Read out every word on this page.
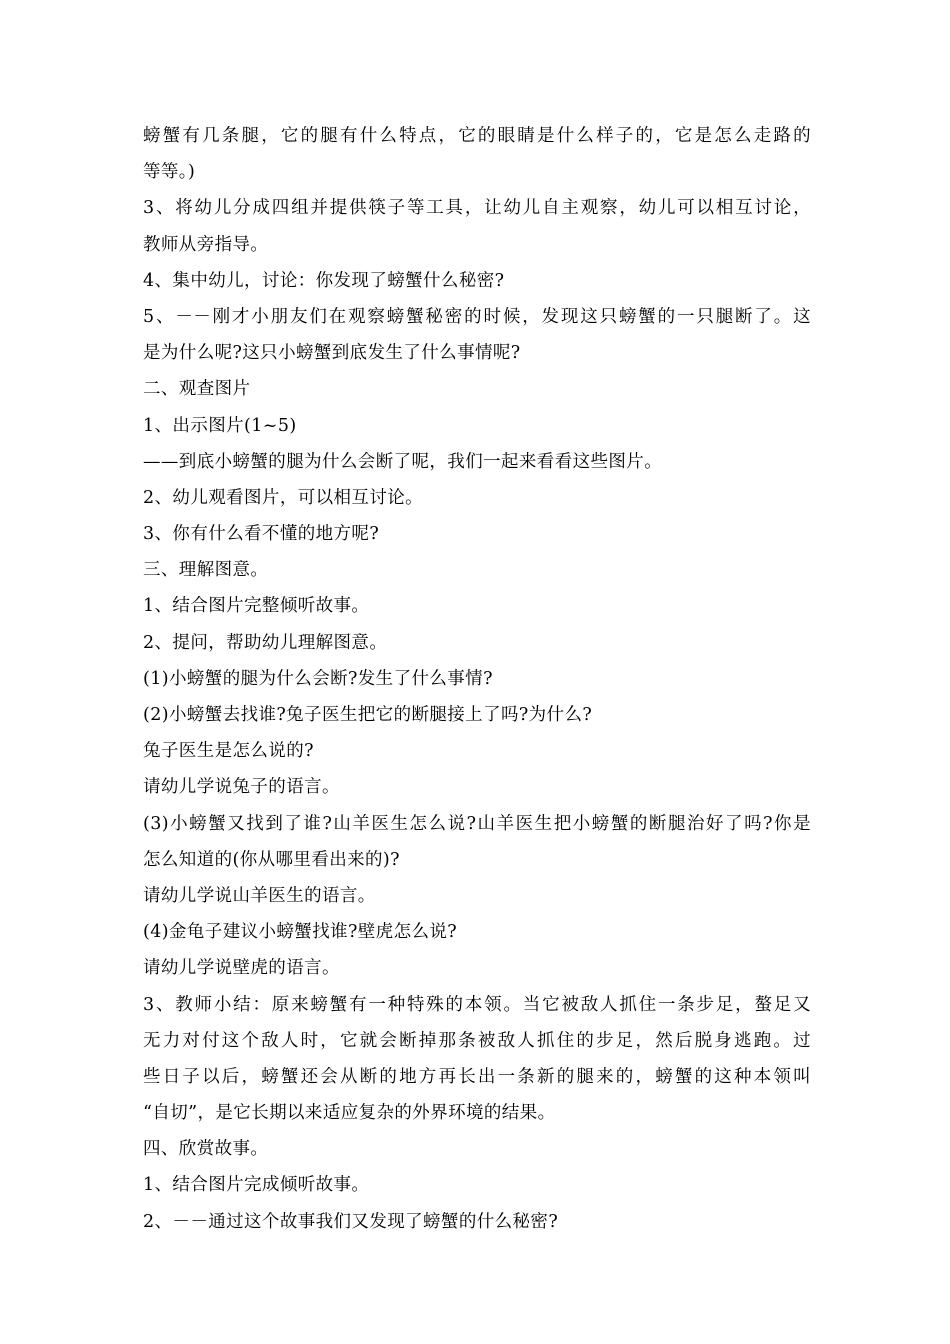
螃蟹有几条腿，它的腿有什么特点，它的眼睛是什么样子的，它是怎么走路的
等等。)
3、将幼儿分成四组并提供筷子等工具，让幼儿自主观察，幼儿可以相互讨论，
教师从旁指导。
4、集中幼儿，讨论：你发现了螃蟹什么秘密?
5、－－刚才小朋友们在观察螃蟹秘密的时候，发现这只螃蟹的一只腿断了。这
是为什么呢?这只小螃蟹到底发生了什么事情呢?
二、观查图片
1、出示图片(1~5)
——到底小螃蟹的腿为什么会断了呢，我们一起来看看这些图片。
2、幼儿观看图片，可以相互讨论。
3、你有什么看不懂的地方呢?
三、理解图意。
1、结合图片完整倾听故事。
2、提问，帮助幼儿理解图意。
(1)小螃蟹的腿为什么会断?发生了什么事情?
(2)小螃蟹去找谁?兔子医生把它的断腿接上了吗?为什么?
兔子医生是怎么说的?
请幼儿学说兔子的语言。
(3)小螃蟹又找到了谁?山羊医生怎么说?山羊医生把小螃蟹的断腿治好了吗?你是
怎么知道的(你从哪里看出来的)?
请幼儿学说山羊医生的语言。
(4)金龟子建议小螃蟹找谁?壁虎怎么说?
请幼儿学说壁虎的语言。
3、教师小结：原来螃蟹有一种特殊的本领。当它被敌人抓住一条步足，螯足又
无力对付这个敌人时，它就会断掉那条被敌人抓住的步足，然后脱身逃跑。过
些日子以后，螃蟹还会从断的地方再长出一条新的腿来的，螃蟹的这种本领叫
“自切”，是它长期以来适应复杂的外界环境的结果。
四、欣赏故事。
1、结合图片完成倾听故事。
2、－－通过这个故事我们又发现了螃蟹的什么秘密?
